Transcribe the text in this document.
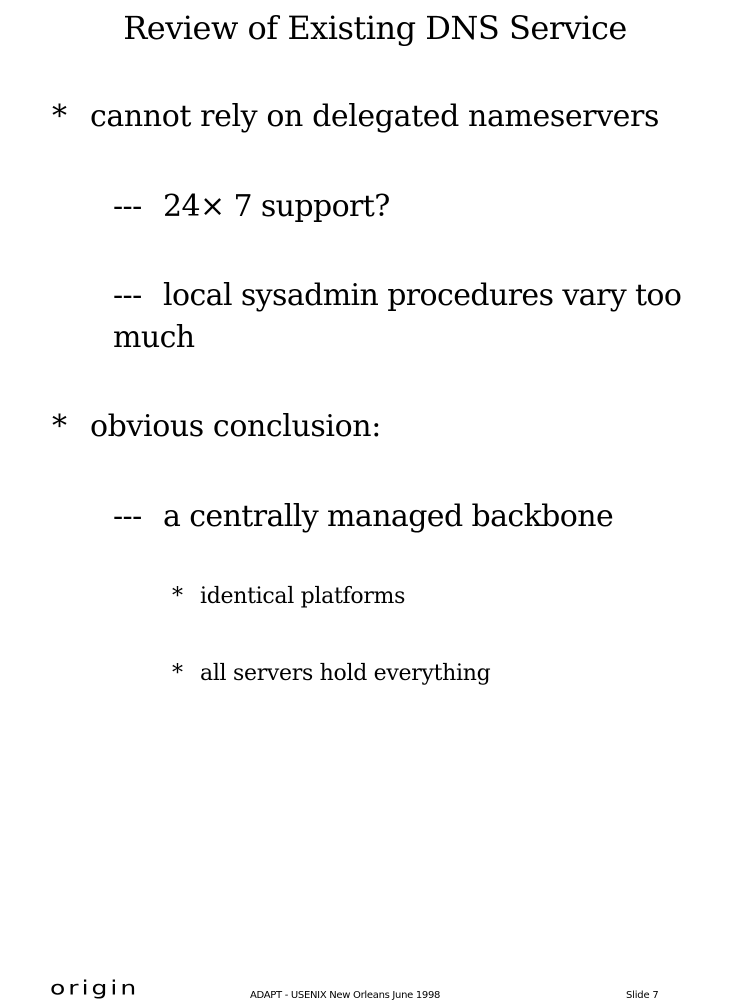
Review of Existing DNS Service
* cannot rely on delegated nameservers
--- 24× 7 support?
--- local sysadmin procedures vary too much
* obvious conclusion:
--- a centrally managed backbone
* identical platforms
* all servers hold everything
origin	ADAPT - USENIX New Orleans June 1998	Slide 7
